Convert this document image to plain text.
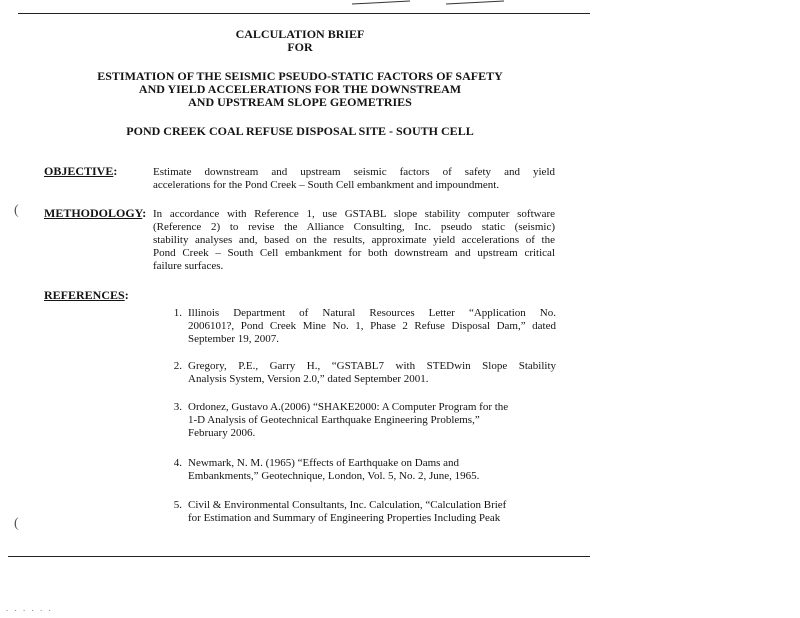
CALCULATION BRIEF
FOR
ESTIMATION OF THE SEISMIC PSEUDO-STATIC FACTORS OF SAFETY
AND YIELD ACCELERATIONS FOR THE DOWNSTREAM
AND UPSTREAM SLOPE GEOMETRIES
POND CREEK COAL REFUSE DISPOSAL SITE - SOUTH CELL
OBJECTIVE:	Estimate downstream and upstream seismic factors of safety and yield
accelerations for the Pond Creek – South Cell embankment and impoundment.
METHODOLOGY: In accordance with Reference 1, use GSTABL slope stability computer software
(Reference 2) to revise the Alliance Consulting, Inc. pseudo static (seismic)
stability analyses and, based on the results, approximate yield accelerations of the
Pond Creek – South Cell embankment for both downstream and upstream critical
failure surfaces.
REFERENCES:
1. Illinois Department of Natural Resources Letter “Application No.
2006101?, Pond Creek Mine No. 1, Phase 2 Refuse Disposal Dam,” dated
September 19, 2007.
2. Gregory, P.E., Garry H., “GSTABL7 with STEDwin Slope Stability
Analysis System, Version 2.0,” dated September 2001.
3. Ordonez, Gustavo A.(2006) “SHAKE2000: A Computer Program for the
1-D Analysis of Geotechnical Earthquake Engineering Problems,”
February 2006.
4. Newmark, N. M. (1965) “Effects of Earthquake on Dams and
Embankments,” Geotechnique, London, Vol. 5, No. 2, June, 1965.
5. Civil & Environmental Consultants, Inc. Calculation, “Calculation Brief
for Estimation and Summary of Engineering Properties Including Peak
(
(
. . . . . .
